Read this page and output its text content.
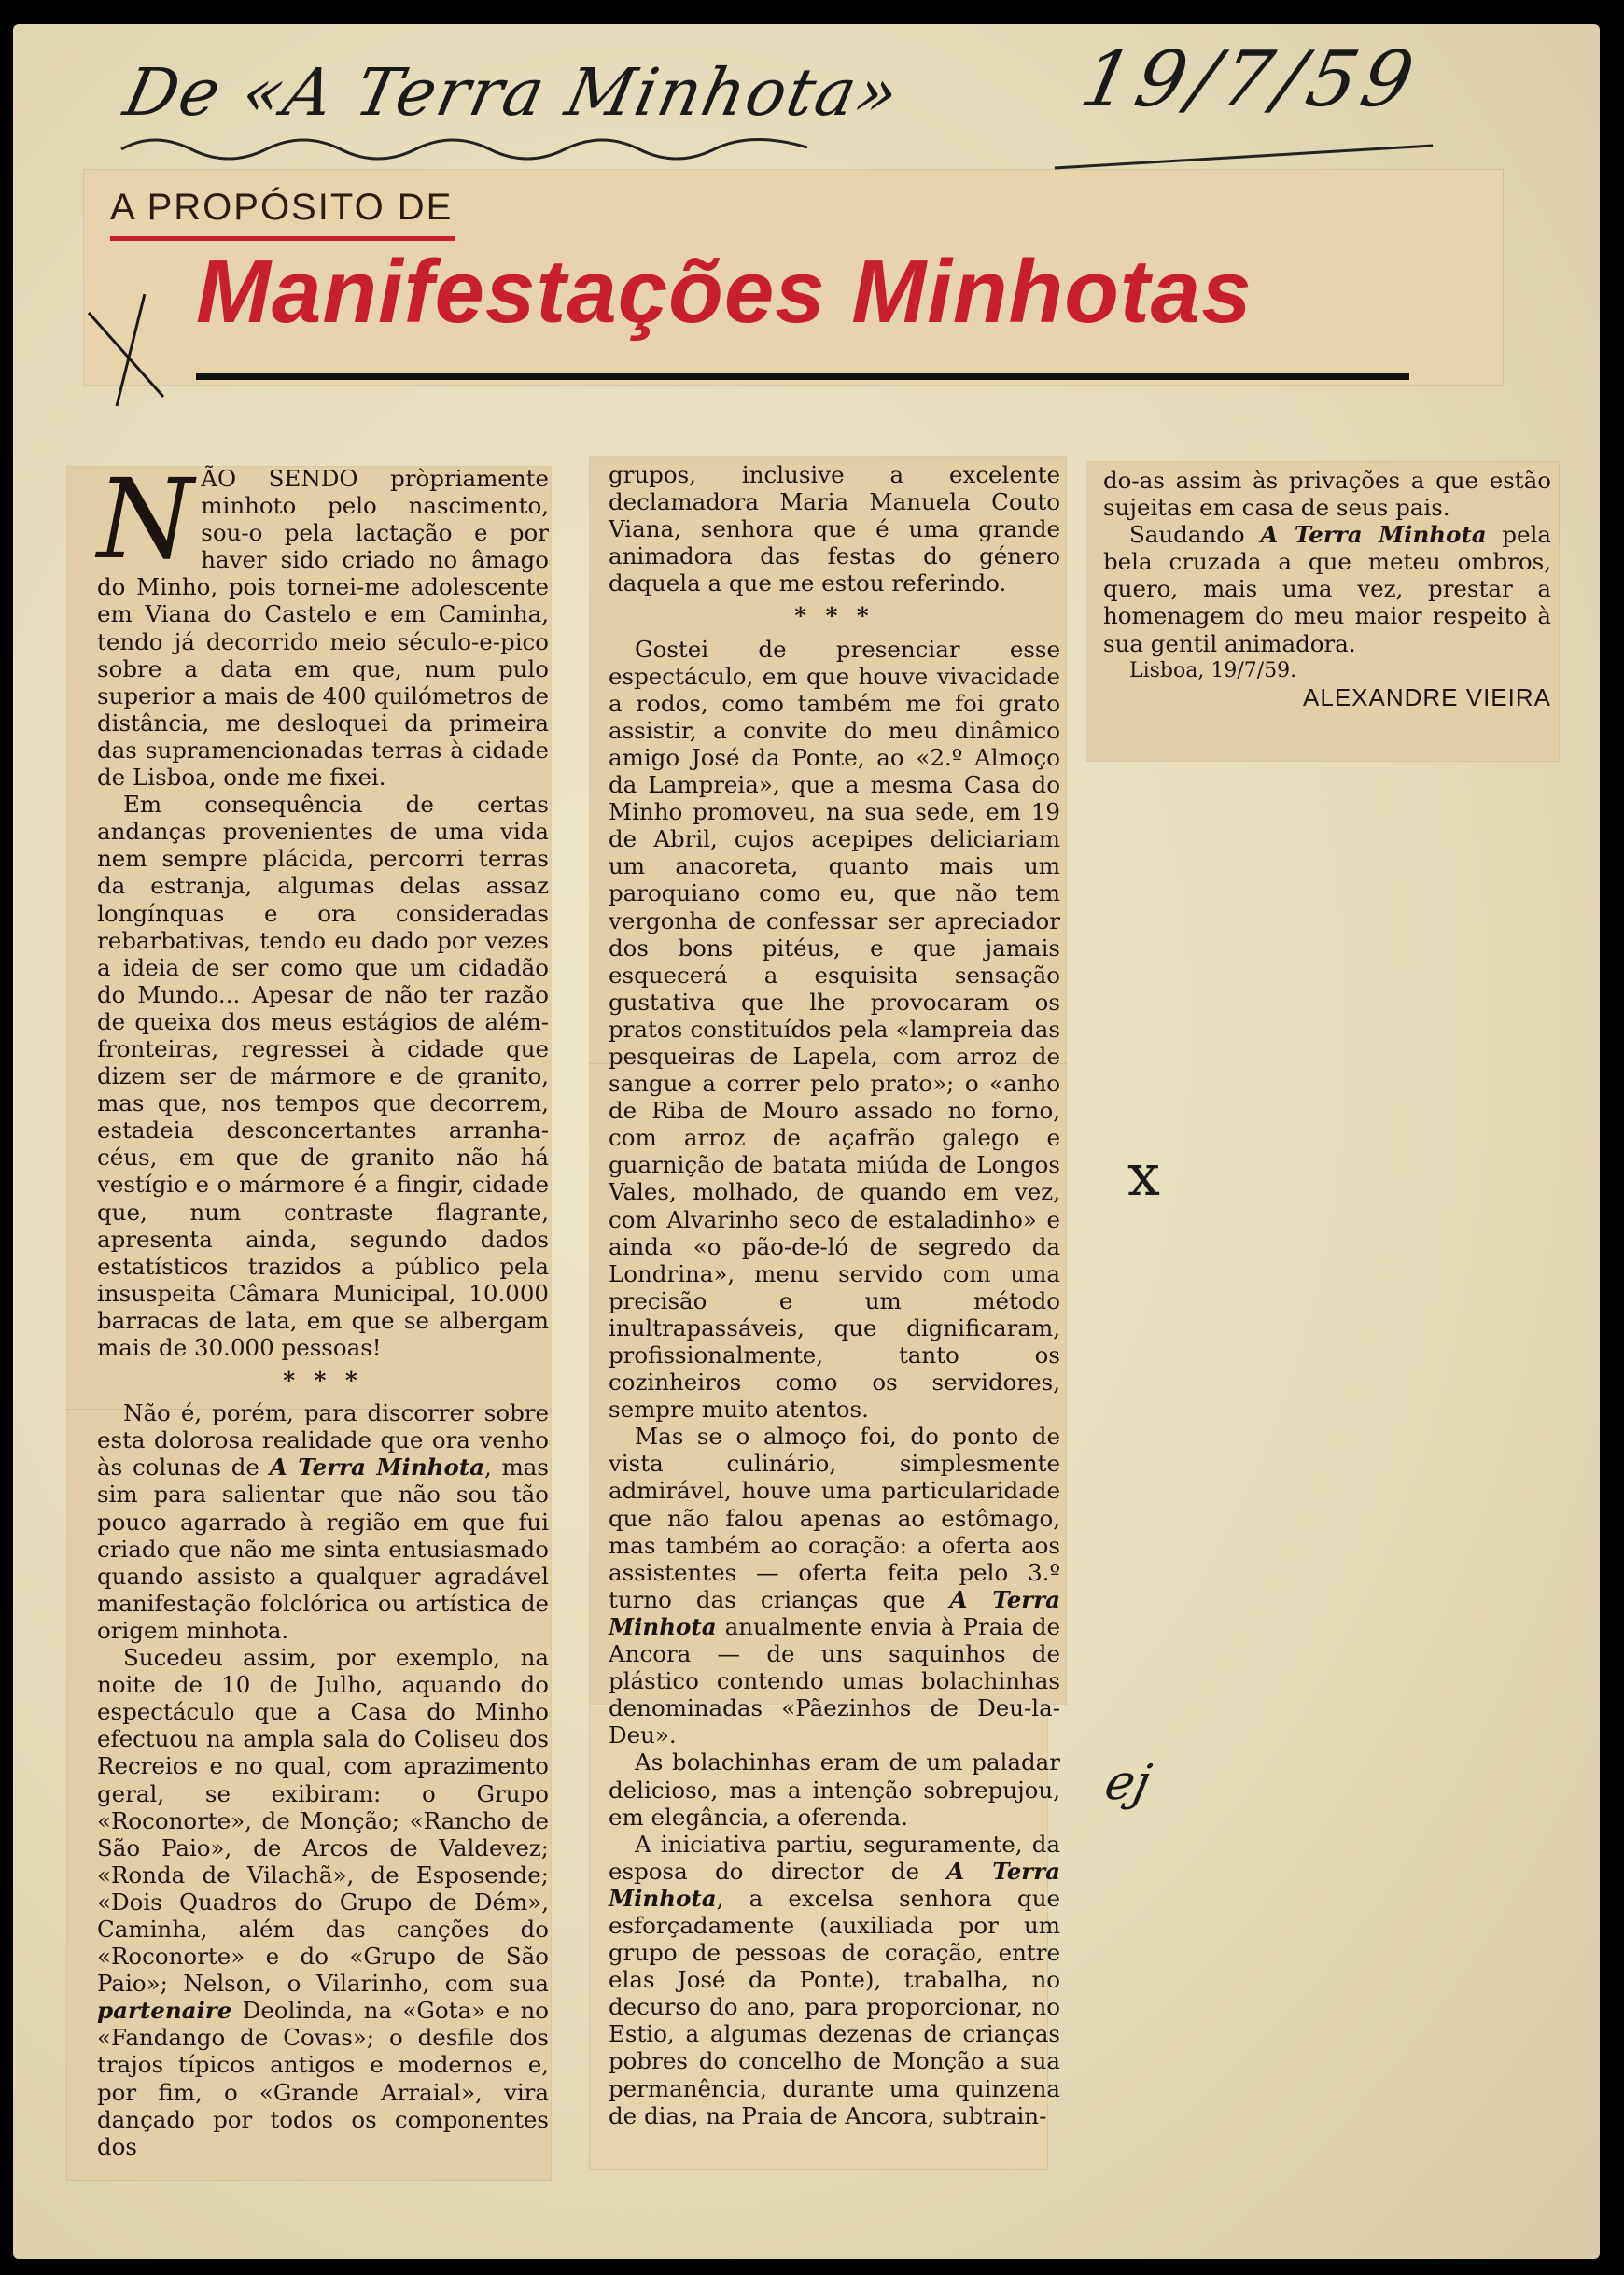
De «A Terra Minhota» 19/7/59
A PROPÓSITO DE
Manifestações Minhotas

NÃO SENDO pròpriamente minhoto pelo nascimento, sou-o pela lactação e por haver sido criado no âmago do Minho, pois tornei-me adolescente em Viana do Castelo e em Caminha, tendo já decorrido meio século-e-pico sobre a data em que, num pulo superior a mais de 400 quilómetros de distância, me desloquei da primeira das supramencionadas terras à cidade de Lisboa, onde me fixei.

Em consequência de certas andanças provenientes de uma vida nem sempre plácida, percorri terras da estranja, algumas delas assaz longínquas e ora consideradas rebarbativas, tendo eu dado por vezes a ideia de ser como que um cidadão do Mundo... Apesar de não ter razão de queixa dos meus estágios de além-fronteiras, regressei à cidade que dizem ser de mármore e de granito, mas que, nos tempos que decorrem, estadeia desconcertantes arranha-céus, em que de granito não há vestígio e o mármore é a fingir, cidade que, num contraste flagrante, apresenta ainda, segundo dados estatísticos trazidos a público pela insuspeita Câmara Municipal, 10.000 barracas de lata, em que se albergam mais de 30.000 pessoas!

* * *

Não é, porém, para discorrer sobre esta dolorosa realidade que ora venho às colunas de A Terra Minhota, mas sim para salientar que não sou tão pouco agarrado à região em que fui criado que não me sinta entusiasmado quando assisto a qualquer agradável manifestação folclórica ou artística de origem minhota.

Sucedeu assim, por exemplo, na noite de 10 de Julho, aquando do espectáculo que a Casa do Minho efectuou na ampla sala do Coliseu dos Recreios e no qual, com aprazimento geral, se exibiram: o Grupo «Roconorte», de Monção; «Rancho de São Paio», de Arcos de Valdevez; «Ronda de Vilachã», de Esposende; «Dois Quadros do Grupo de Dém», Caminha, além das canções do «Roconorte» e do «Grupo de São Paio»; Nelson, o Vilarinho, com sua partenaire Deolinda, na «Gota» e no «Fandango de Covas»; o desfile dos trajos típicos antigos e modernos e, por fim, o «Grande Arraial», vira dançado por todos os componentes dos

grupos, inclusive a excelente declamadora Maria Manuela Couto Viana, senhora que é uma grande animadora das festas do género daquela a que me estou referindo.

* * *

Gostei de presenciar esse espectáculo, em que houve vivacidade a rodos, como também me foi grato assistir, a convite do meu dinâmico amigo José da Ponte, ao «2.º Almoço da Lampreia», que a mesma Casa do Minho promoveu, na sua sede, em 19 de Abril, cujos acepipes deliciariam um anacoreta, quanto mais um paroquiano como eu, que não tem vergonha de confessar ser apreciador dos bons pitéus, e que jamais esquecerá a esquisita sensação gustativa que lhe provocaram os pratos constituídos pela «lampreia das pesqueiras de Lapela, com arroz de sangue a correr pelo prato»; o «anho de Riba de Mouro assado no forno, com arroz de açafrão galego e guarnição de batata miúda de Longos Vales, molhado, de quando em vez, com Alvarinho seco de estaladinho» e ainda «o pão-de-ló de segredo da Londrina», menu servido com uma precisão e um método inultrapassáveis, que dignificaram, profissionalmente, tanto os cozinheiros como os servidores, sempre muito atentos.

Mas se o almoço foi, do ponto de vista culinário, simplesmente admirável, houve uma particularidade que não falou apenas ao estômago, mas também ao coração: a oferta aos assistentes — oferta feita pelo 3.º turno das crianças que A Terra Minhota anualmente envia à Praia de Ancora — de uns saquinhos de plástico contendo umas bolachinhas denominadas «Pãezinhos de Deu-la-Deu».

As bolachinhas eram de um paladar delicioso, mas a intenção sobrepujou, em elegância, a oferenda.

A iniciativa partiu, seguramente, da esposa do director de A Terra Minhota, a excelsa senhora que esforçadamente (auxiliada por um grupo de pessoas de coração, entre elas José da Ponte), trabalha, no decurso do ano, para proporcionar, no Estio, a algumas dezenas de crianças pobres do concelho de Monção a sua permanência, durante uma quinzena de dias, na Praia de Ancora, subtrain-

do-as assim às privações a que estão sujeitas em casa de seus pais.

Saudando A Terra Minhota pela bela cruzada a que meteu ombros, quero, mais uma vez, prestar a homenagem do meu maior respeito à sua gentil animadora.

Lisboa, 19/7/59.

ALEXANDRE VIEIRA

x
ej
